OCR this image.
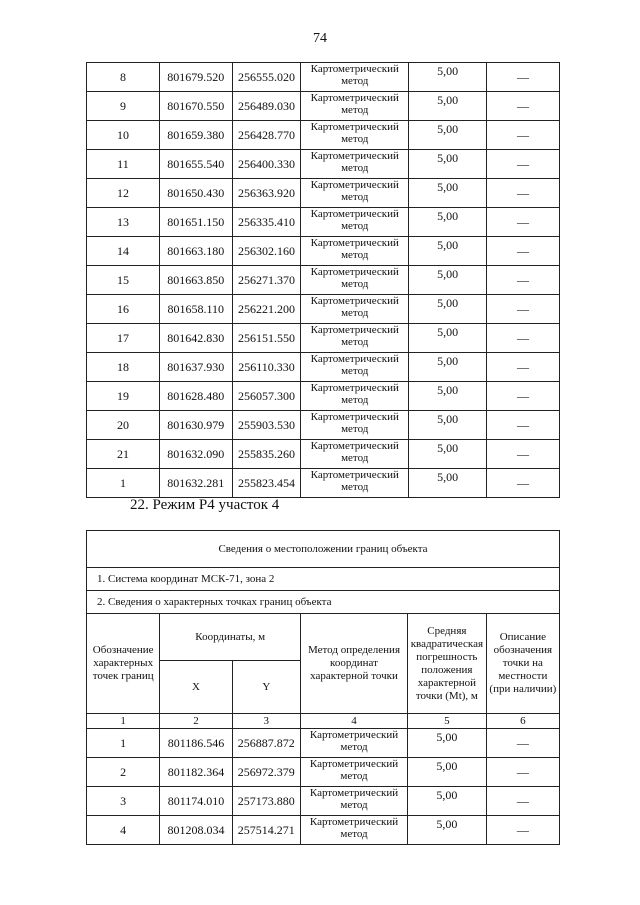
74
8	801679.520	256555.020	Картометрический метод	5,00	—
9	801670.550	256489.030	Картометрический метод	5,00	—
10	801659.380	256428.770	Картометрический метод	5,00	—
11	801655.540	256400.330	Картометрический метод	5,00	—
12	801650.430	256363.920	Картометрический метод	5,00	—
13	801651.150	256335.410	Картометрический метод	5,00	—
14	801663.180	256302.160	Картометрический метод	5,00	—
15	801663.850	256271.370	Картометрический метод	5,00	—
16	801658.110	256221.200	Картометрический метод	5,00	—
17	801642.830	256151.550	Картометрический метод	5,00	—
18	801637.930	256110.330	Картометрический метод	5,00	—
19	801628.480	256057.300	Картометрический метод	5,00	—
20	801630.979	255903.530	Картометрический метод	5,00	—
21	801632.090	255835.260	Картометрический метод	5,00	—
1	801632.281	255823.454	Картометрический метод	5,00	—
22. Режим Р4 участок 4
Сведения о местоположении границ объекта					
1. Система координат МСК-71, зона 2					
2. Сведения о характерных точках границ объекта					
Обозначение характерных точек границ	Координаты, м		Метод определения координат характерной точки	Средняя квадратическая погрешность положения характерной точки (Mt), м	Описание обозначения точки на местности (при наличии)
	X	Y			
1	2	3	4	5	6
1	801186.546	256887.872	Картометрический метод	5,00	—
2	801182.364	256972.379	Картометрический метод	5,00	—
3	801174.010	257173.880	Картометрический метод	5,00	—
4	801208.034	257514.271	Картометрический метод	5,00	—
